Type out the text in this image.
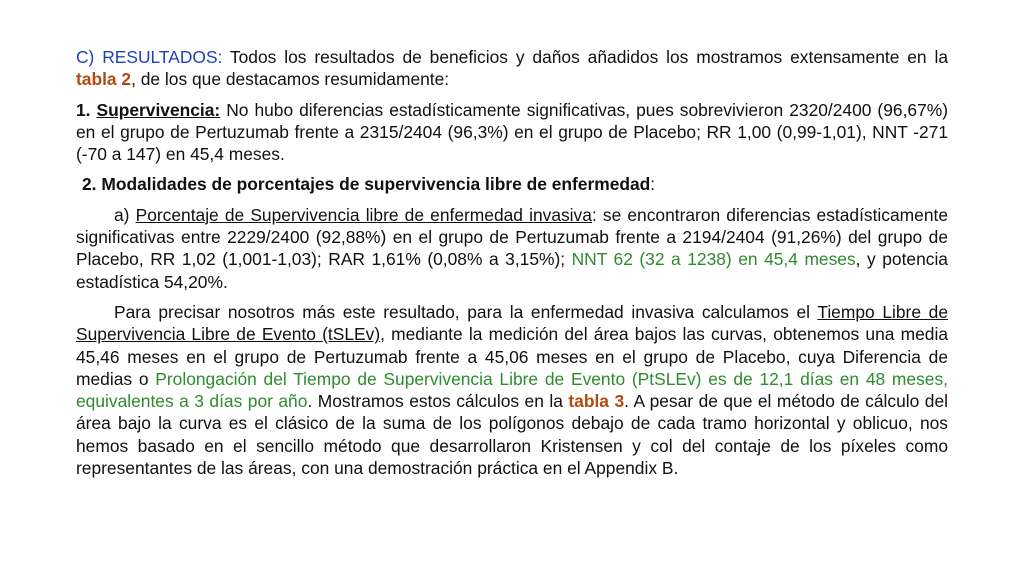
C) RESULTADOS: Todos los resultados de beneficios y daños añadidos los mostramos extensamente en la tabla 2, de los que destacamos resumidamente:

1. Supervivencia: No hubo diferencias estadísticamente significativas, pues sobrevivieron 2320/2400 (96,67%) en el grupo de Pertuzumab frente a 2315/2404 (96,3%) en el grupo de Placebo; RR 1,00 (0,99-1,01), NNT -271 (-70 a 147) en 45,4 meses.

2. Modalidades de porcentajes de supervivencia libre de enfermedad:

a) Porcentaje de Supervivencia libre de enfermedad invasiva: se encontraron diferencias estadísticamente significativas entre 2229/2400 (92,88%) en el grupo de Pertuzumab frente a 2194/2404 (91,26%) del grupo de Placebo, RR 1,02 (1,001-1,03); RAR 1,61% (0,08% a 3,15%); NNT 62 (32 a 1238) en 45,4 meses, y potencia estadística 54,20%.

Para precisar nosotros más este resultado, para la enfermedad invasiva calculamos el Tiempo Libre de Supervivencia Libre de Evento (tSLEv), mediante la medición del área bajos las curvas, obtenemos una media 45,46 meses en el grupo de Pertuzumab frente a 45,06 meses en el grupo de Placebo, cuya Diferencia de medias o Prolongación del Tiempo de Supervivencia Libre de Evento (PtSLEv) es de 12,1 días en 48 meses, equivalentes a 3 días por año. Mostramos estos cálculos en la tabla 3. A pesar de que el método de cálculo del área bajo la curva es el clásico de la suma de los polígonos debajo de cada tramo horizontal y oblicuo, nos hemos basado en el sencillo método que desarrollaron Kristensen y col del contaje de los píxeles como representantes de las áreas, con una demostración práctica en el Appendix B.
